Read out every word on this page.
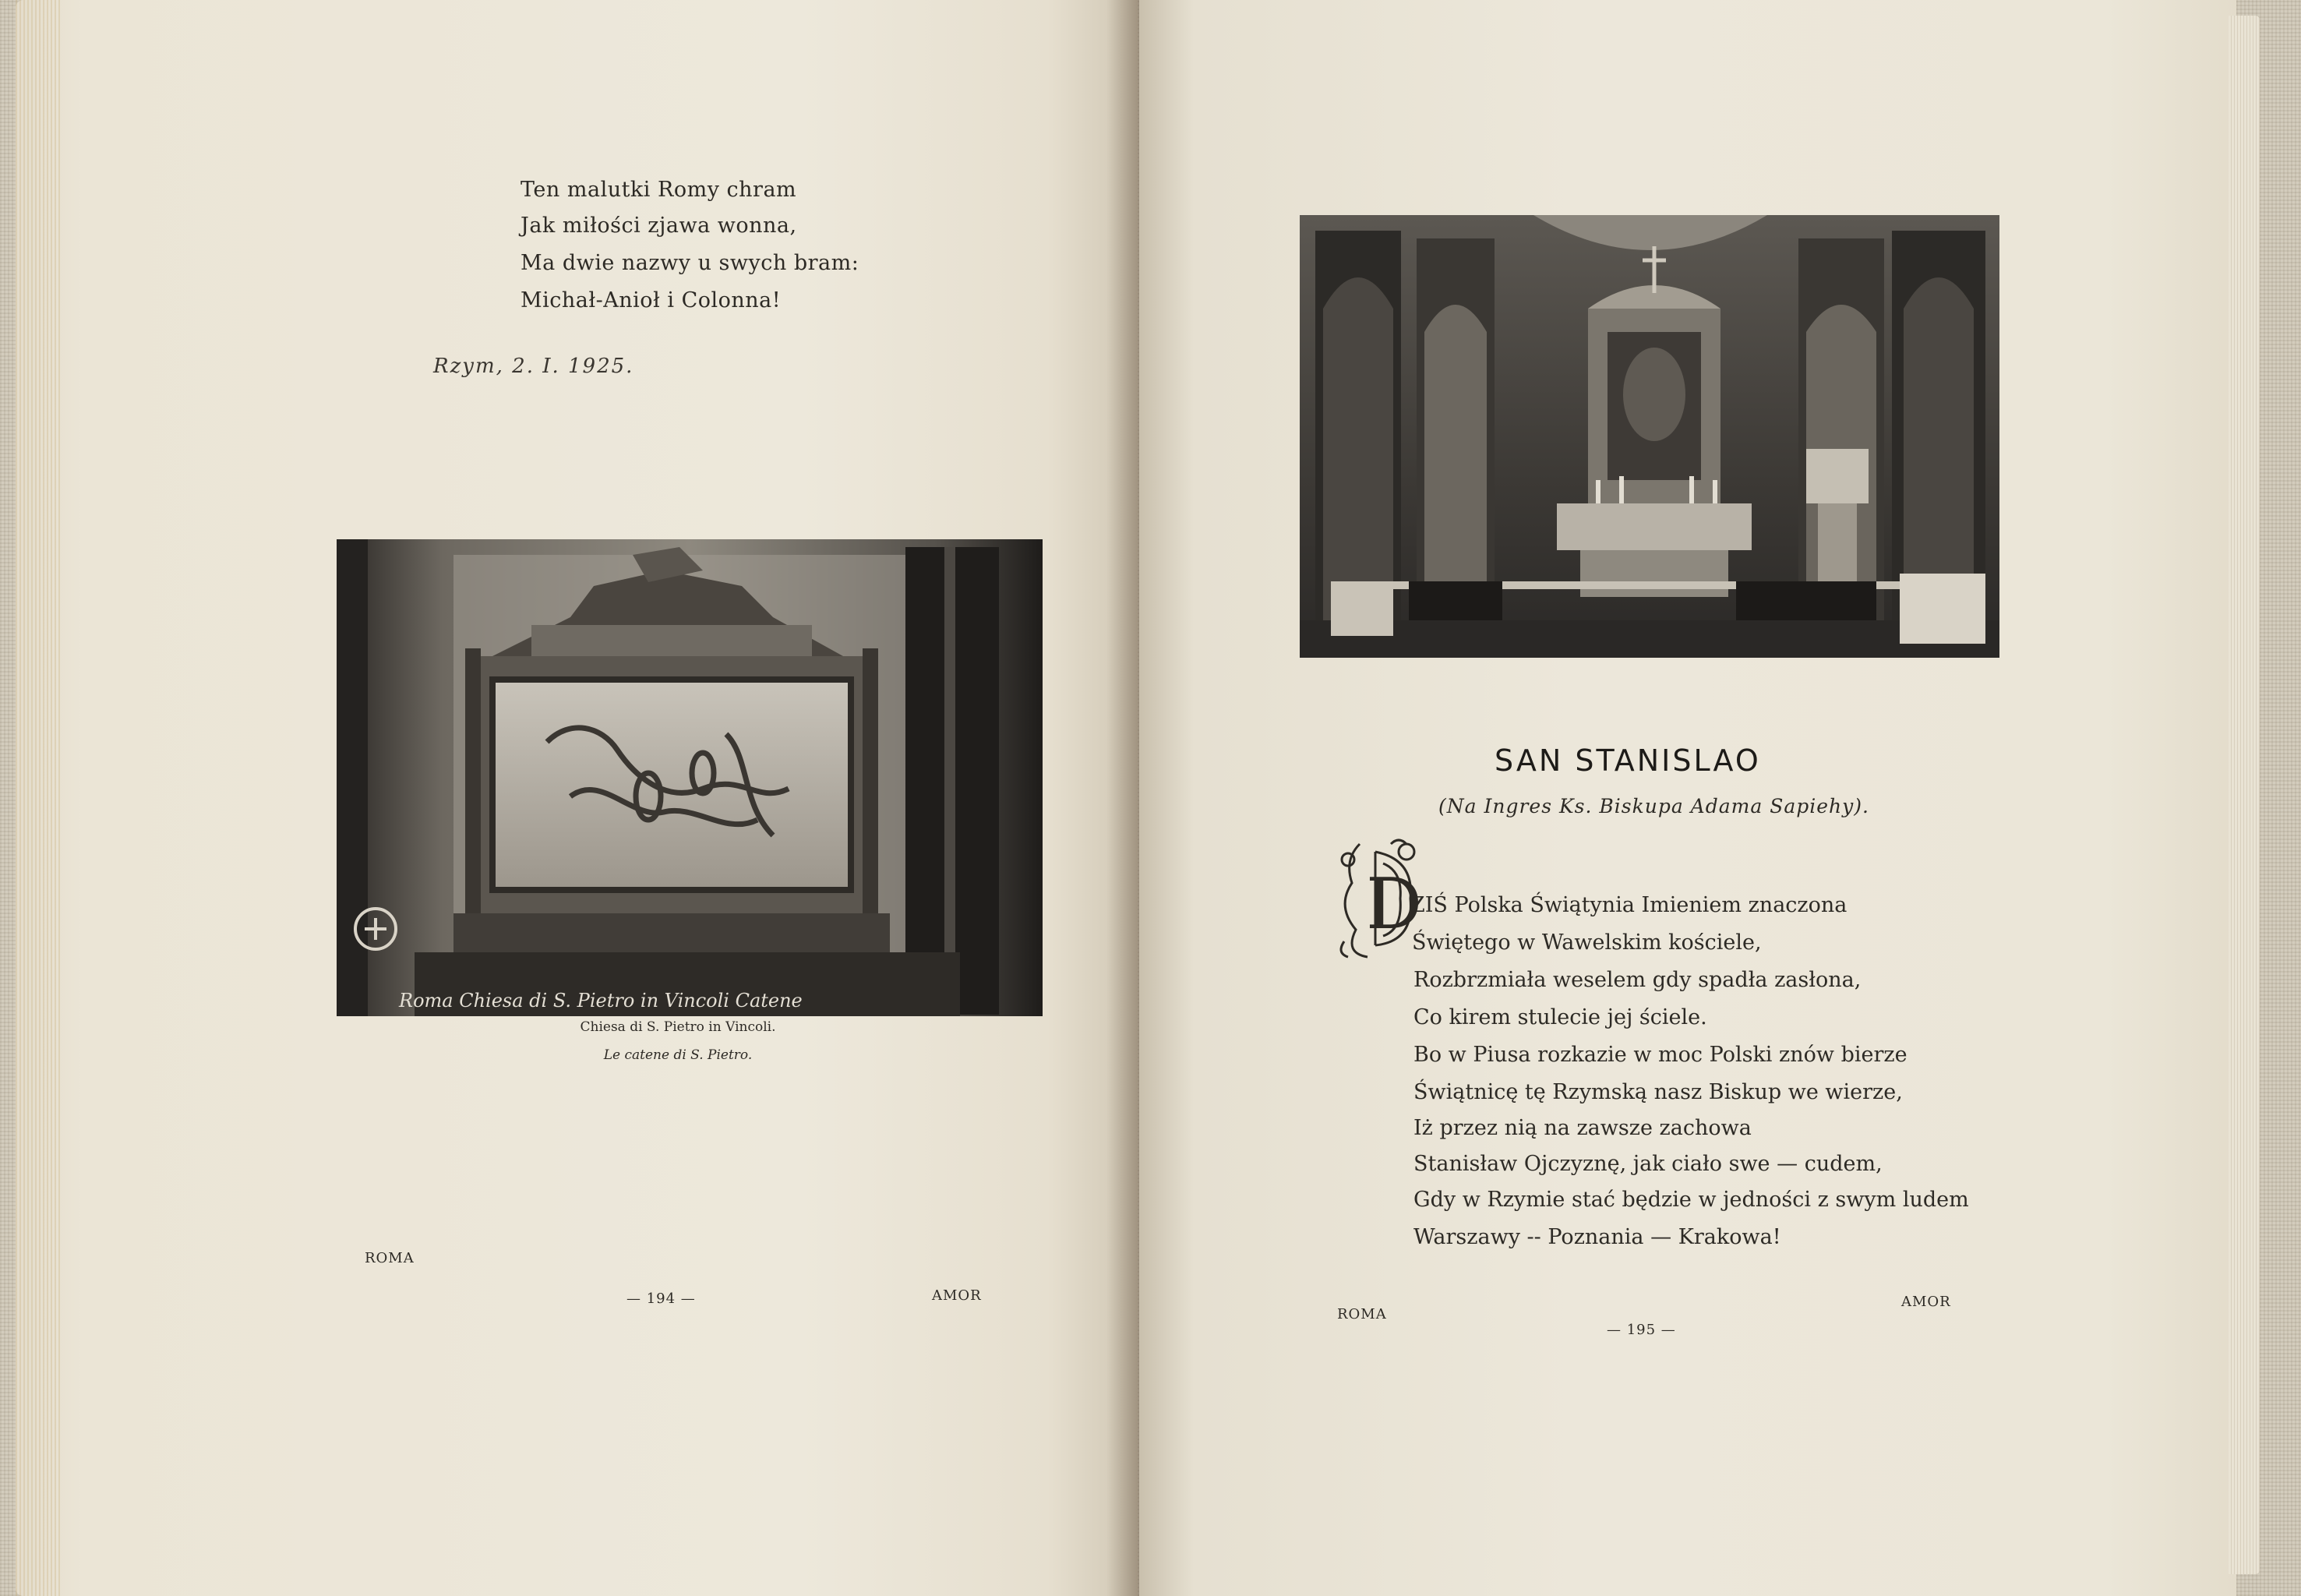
Ten malutki Romy chram
Jak miłości zjawa wonna,
Ma dwie nazwy u swych bram:
Michał-Anioł i Colonna!
Rzym, 2. I. 1925.
Roma Chiesa di S. Pietro in Vincoli Catene
Chiesa di S. Pietro in Vincoli.
Le catene di S. Pietro.
ROMA
— 194 —	AMOR
SAN STANISLAO
(Na Ingres Ks. Biskupa Adama Sapiehy).
D
ZIŚ Polska Świątynia Imieniem znaczona
Świętego w Wawelskim kościele,
Rozbrzmiała weselem gdy spadła zasłona,
Co kirem stulecie jej ściele.
Bo w Piusa rozkazie w moc Polski znów bierze
Świątnicę tę Rzymską nasz Biskup we wierze,
Iż przez nią na zawsze zachowa
Stanisław Ojczyznę, jak ciało swe — cudem,
Gdy w Rzymie stać będzie w jedności z swym ludem
Warszawy -- Poznania — Krakowa!
ROMA
— 195 —
AMOR
